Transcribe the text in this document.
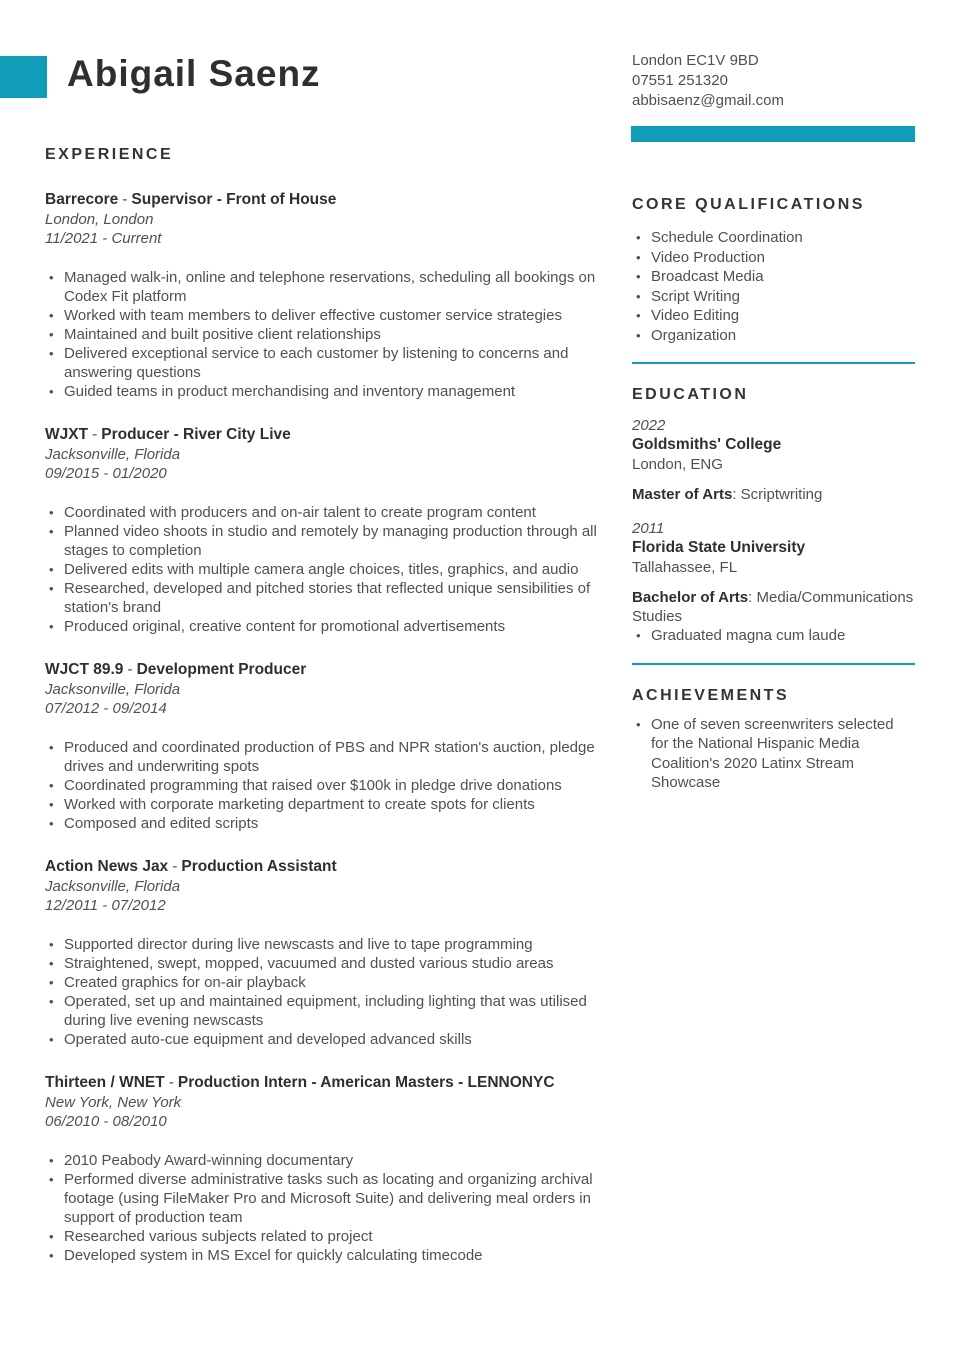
Abigail Saenz	London EC1V 9BD
07551 251320
abbisaenz@gmail.com
EXPERIENCE
Barrecore - Supervisor - Front of House
London, London
11/2021 - Current
• Managed walk-in, online and telephone reservations, scheduling all bookings on Codex Fit platform
• Worked with team members to deliver effective customer service strategies
• Maintained and built positive client relationships
• Delivered exceptional service to each customer by listening to concerns and answering questions
• Guided teams in product merchandising and inventory management
WJXT - Producer - River City Live
Jacksonville, Florida
09/2015 - 01/2020
• Coordinated with producers and on-air talent to create program content
• Planned video shoots in studio and remotely by managing production through all stages to completion
• Delivered edits with multiple camera angle choices, titles, graphics, and audio
• Researched, developed and pitched stories that reflected unique sensibilities of station's brand
• Produced original, creative content for promotional advertisements
WJCT 89.9 - Development Producer
Jacksonville, Florida
07/2012 - 09/2014
• Produced and coordinated production of PBS and NPR station's auction, pledge drives and underwriting spots
• Coordinated programming that raised over $100k in pledge drive donations
• Worked with corporate marketing department to create spots for clients
• Composed and edited scripts
Action News Jax - Production Assistant
Jacksonville, Florida
12/2011 - 07/2012
• Supported director during live newscasts and live to tape programming
• Straightened, swept, mopped, vacuumed and dusted various studio areas
• Created graphics for on-air playback
• Operated, set up and maintained equipment, including lighting that was utilised during live evening newscasts
• Operated auto-cue equipment and developed advanced skills
Thirteen / WNET - Production Intern - American Masters - LENNONYC
New York, New York
06/2010 - 08/2010
• 2010 Peabody Award-winning documentary
• Performed diverse administrative tasks such as locating and organizing archival footage (using FileMaker Pro and Microsoft Suite) and delivering meal orders in support of production team
• Researched various subjects related to project
• Developed system in MS Excel for quickly calculating timecode
CORE QUALIFICATIONS
• Schedule Coordination
• Video Production
• Broadcast Media
• Script Writing
• Video Editing
• Organization
EDUCATION
2022
Goldsmiths' College
London, ENG
Master of Arts: Scriptwriting
2011
Florida State University
Tallahassee, FL
Bachelor of Arts: Media/Communications Studies
• Graduated magna cum laude
ACHIEVEMENTS
• One of seven screenwriters selected for the National Hispanic Media Coalition's 2020 Latinx Stream Showcase
